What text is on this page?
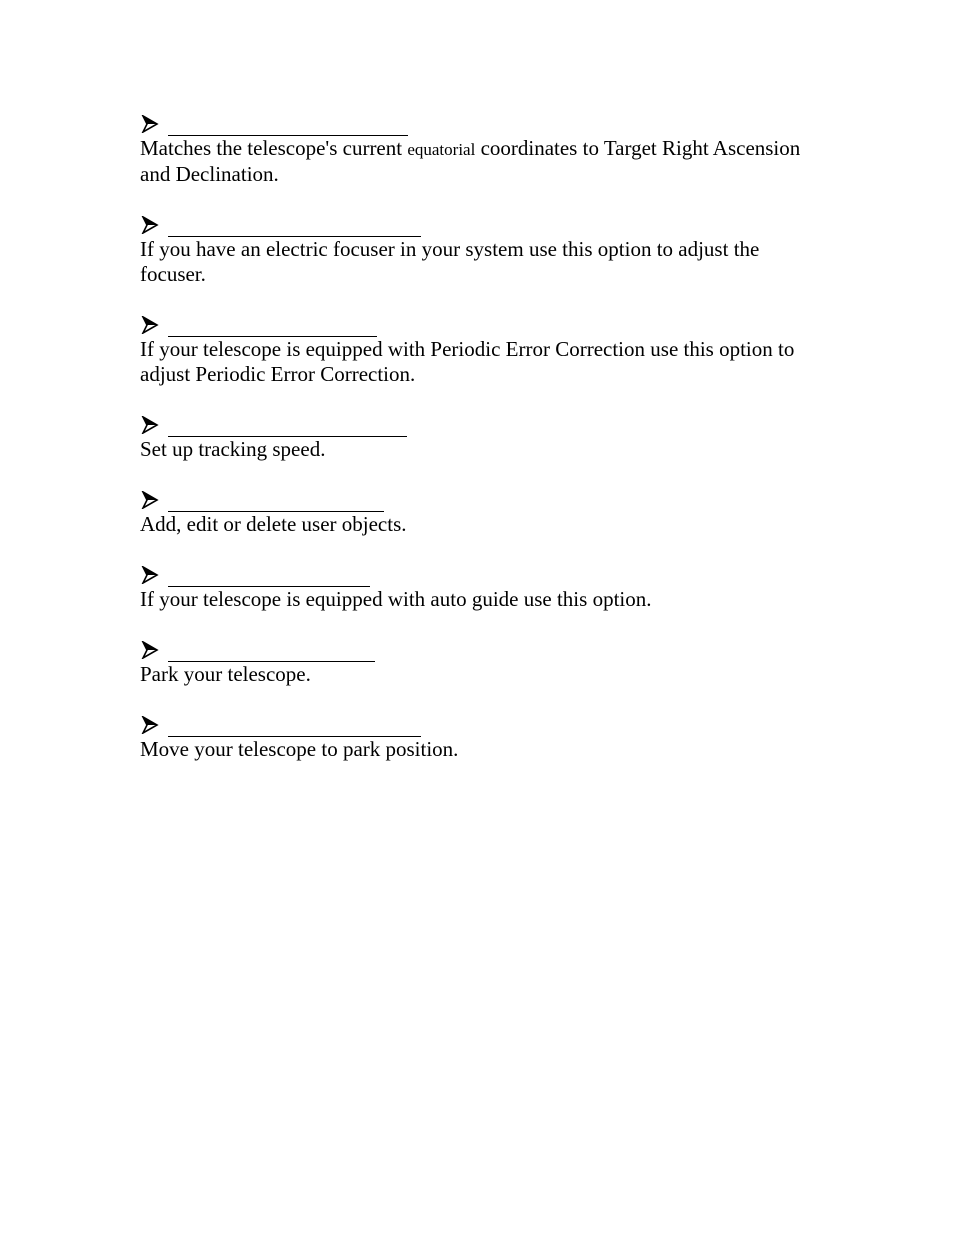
Matches the telescope's current equatorial coordinates to Target Right Ascension and Declination.

If you have an electric focuser in your system use this option to adjust the focuser.

If your telescope is equipped with Periodic Error Correction use this option to adjust Periodic Error Correction.

Set up tracking speed.

Add, edit or delete user objects.

If your telescope is equipped with auto guide use this option.

Park your telescope.

Move your telescope to park position.
